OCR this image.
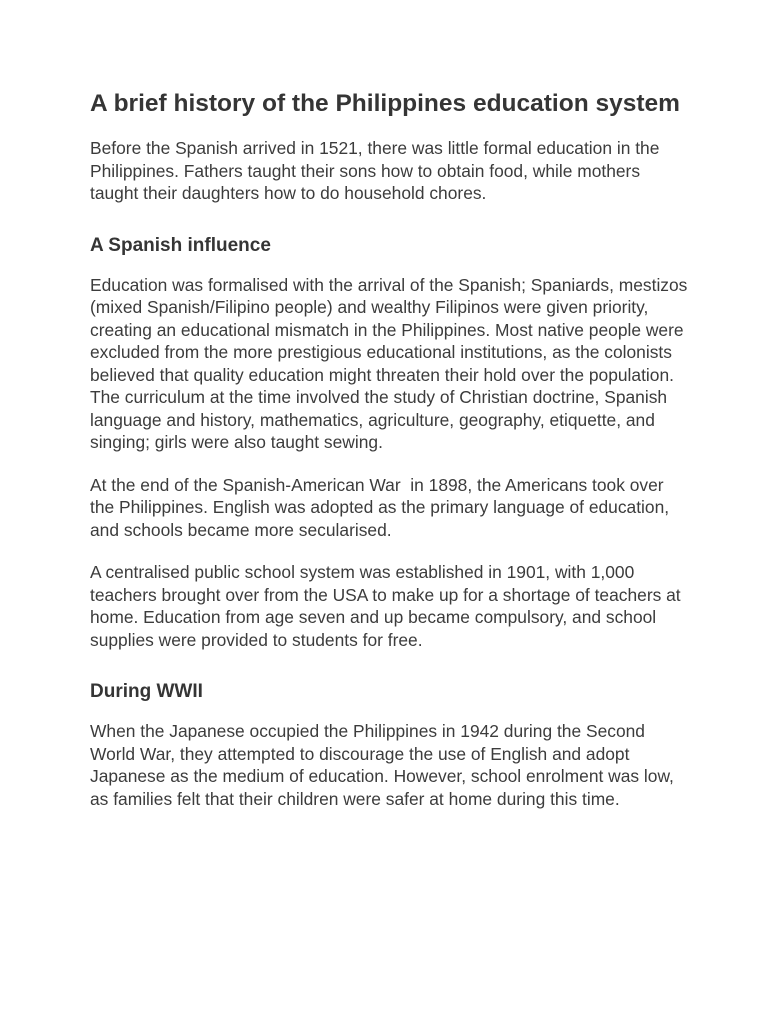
A brief history of the Philippines education system

Before the Spanish arrived in 1521, there was little formal education in the Philippines. Fathers taught their sons how to obtain food, while mothers taught their daughters how to do household chores.

A Spanish influence

Education was formalised with the arrival of the Spanish; Spaniards, mestizos (mixed Spanish/Filipino people) and wealthy Filipinos were given priority, creating an educational mismatch in the Philippines. Most native people were excluded from the more prestigious educational institutions, as the colonists believed that quality education might threaten their hold over the population. The curriculum at the time involved the study of Christian doctrine, Spanish language and history, mathematics, agriculture, geography, etiquette, and singing; girls were also taught sewing.

At the end of the Spanish-American War  in 1898, the Americans took over  the Philippines. English was adopted as the primary language of education, and schools became more secularised.

A centralised public school system was established in 1901, with 1,000 teachers brought over from the USA to make up for a shortage of teachers at home. Education from age seven and up became compulsory, and school supplies were provided to students for free.

During WWII

When the Japanese occupied the Philippines in 1942 during the Second World War, they attempted to discourage the use of English and adopt Japanese as the medium of education. However, school enrolment was low, as families felt that their children were safer at home during this time.
